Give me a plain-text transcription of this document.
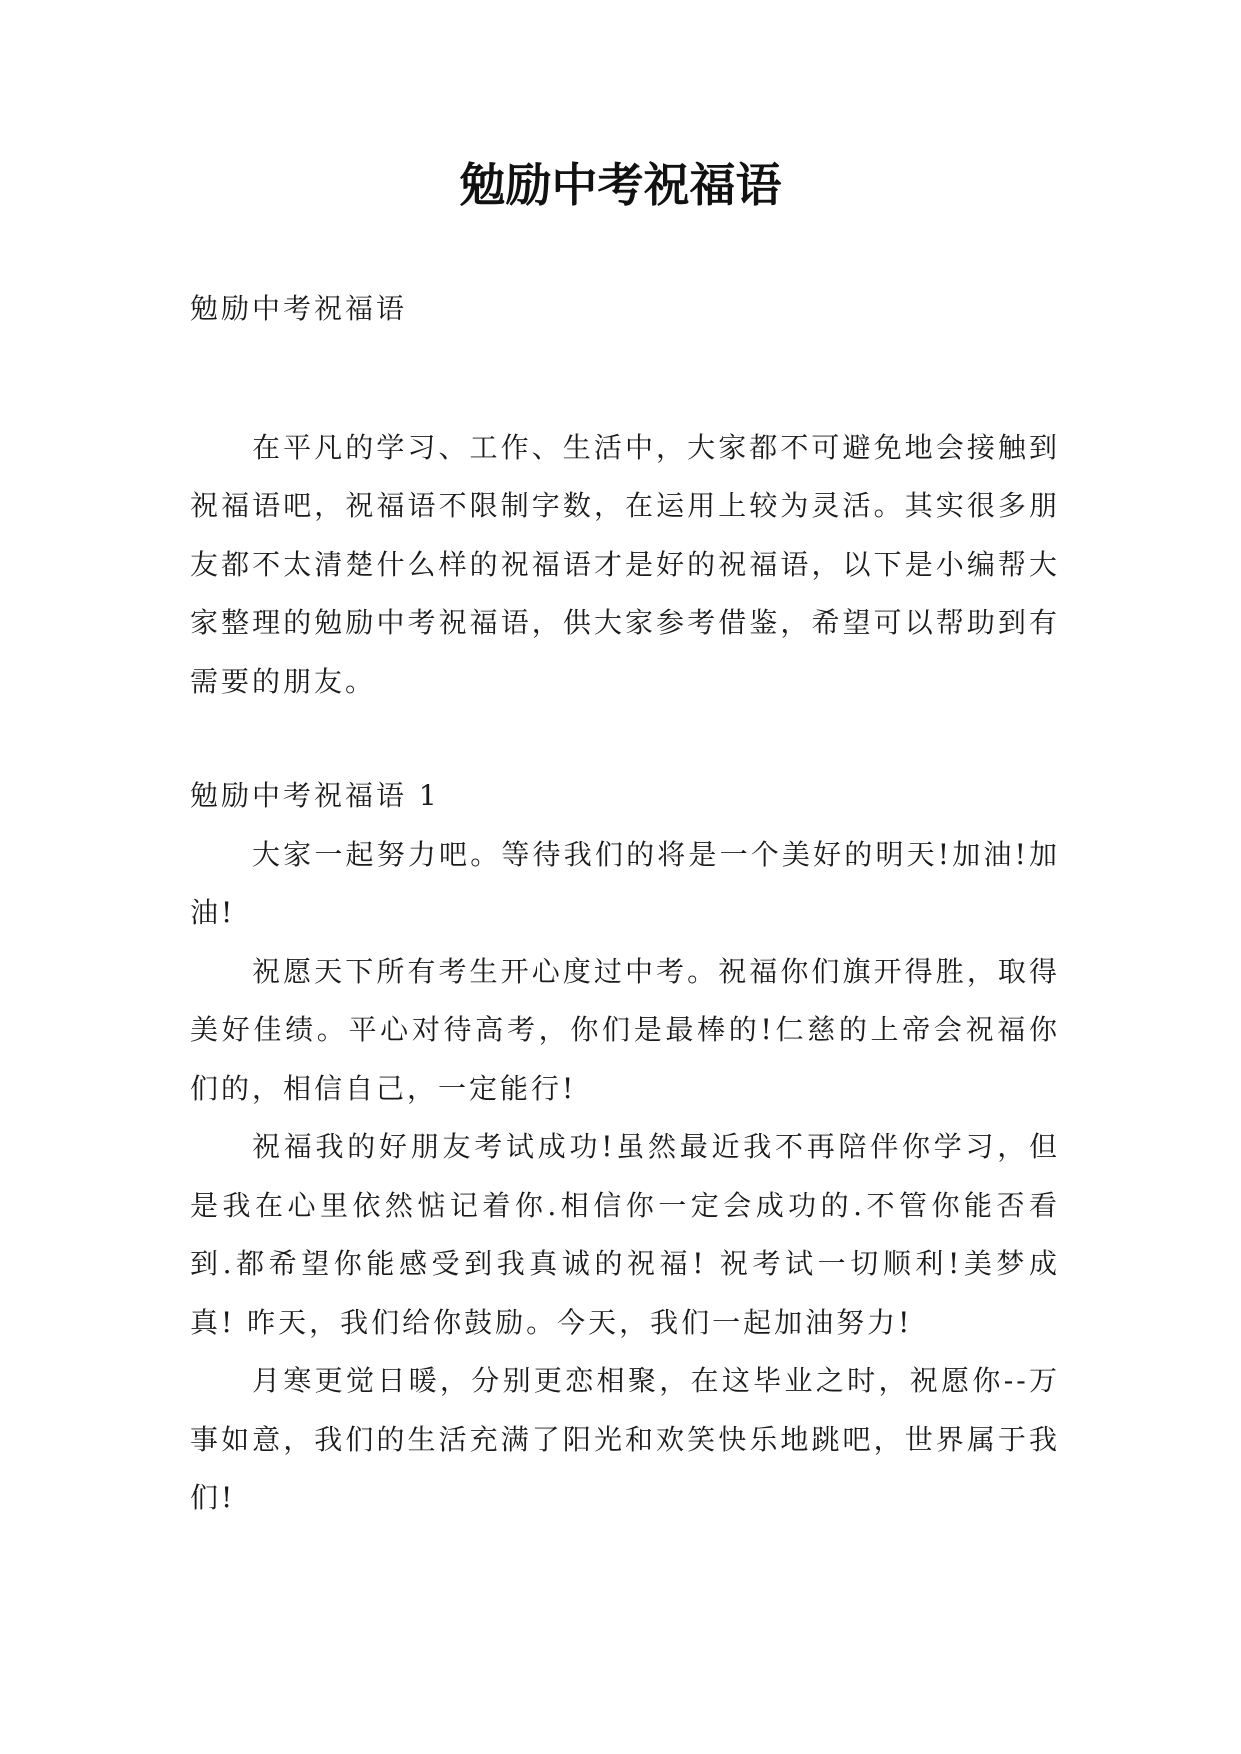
勉励中考祝福语

勉励中考祝福语

在平凡的学习、工作、生活中，大家都不可避免地会接触到祝福语吧，祝福语不限制字数，在运用上较为灵活。其实很多朋友都不太清楚什么样的祝福语才是好的祝福语，以下是小编帮大家整理的勉励中考祝福语，供大家参考借鉴，希望可以帮助到有需要的朋友。

勉励中考祝福语 1

大家一起努力吧。等待我们的将是一个美好的明天!加油!加油!

祝愿天下所有考生开心度过中考。祝福你们旗开得胜，取得美好佳绩。平心对待高考，你们是最棒的!仁慈的上帝会祝福你们的，相信自己，一定能行!

祝福我的好朋友考试成功!虽然最近我不再陪伴你学习，但是我在心里依然惦记着你.相信你一定会成功的.不管你能否看到.都希望你能感受到我真诚的祝福! 祝考试一切顺利!美梦成真! 昨天，我们给你鼓励。今天，我们一起加油努力!

月寒更觉日暖，分别更恋相聚，在这毕业之时，祝愿你--万事如意，我们的生活充满了阳光和欢笑快乐地跳吧，世界属于我们!
